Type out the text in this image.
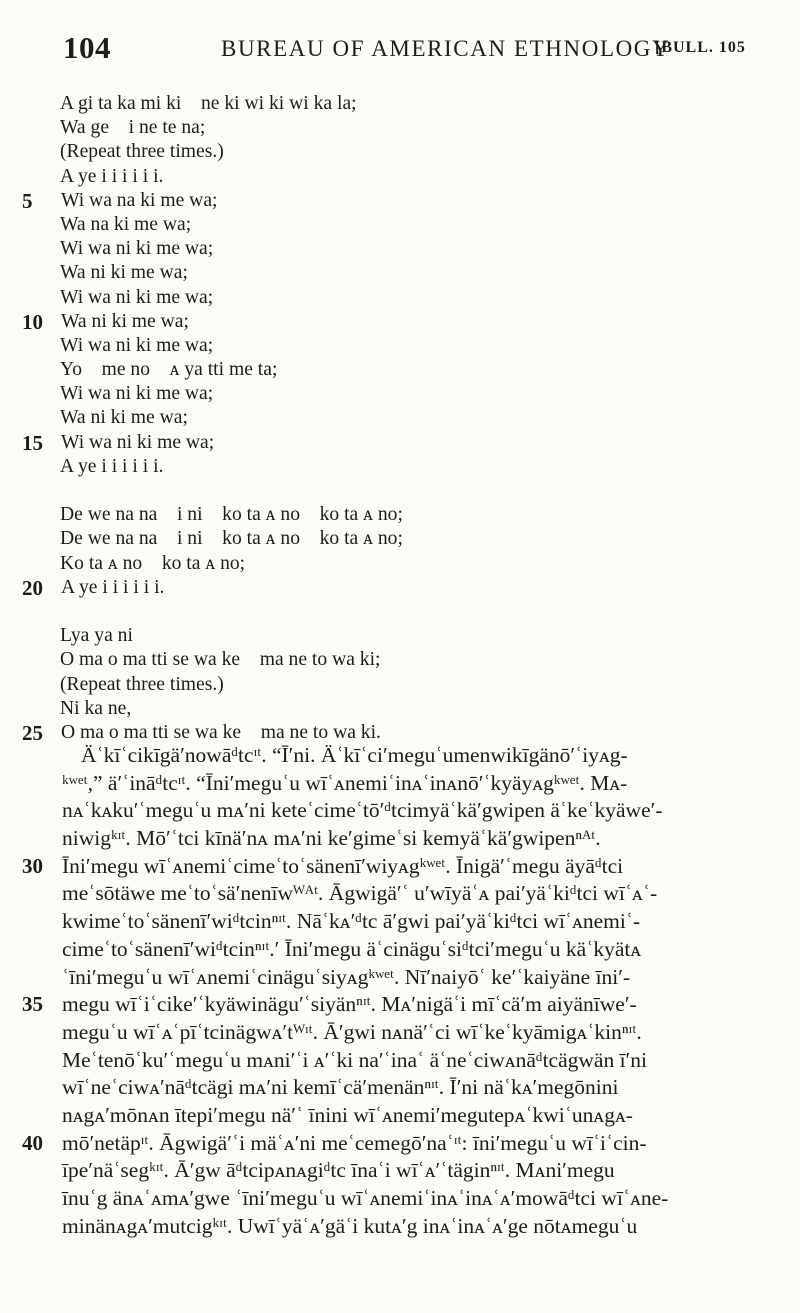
104	BUREAU OF AMERICAN ETHNOLOGY
[BULL. 105
A gi ta ka mi ki    ne ki wi ki wi ka la;
Wa ge    i ne te na;
(Repeat three times.)
A ye i i i i i i.
5 Wi wa na ki me wa;
Wa na ki me wa;
Wi wa ni ki me wa;
Wa ni ki me wa;
Wi wa ni ki me wa;
10 Wa ni ki me wa;
Wi wa ni ki me wa;
Yo    me no    ᴀ ya tti me ta;
Wi wa ni ki me wa;
Wa ni ki me wa;
15 Wi wa ni ki me wa;
A ye i i i i i i.
De we na na    i ni    ko ta ᴀ no    ko ta ᴀ no;
De we na na    i ni    ko ta ᴀ no    ko ta ᴀ no;
Ko ta ᴀ no    ko ta ᴀ no;
20 A ye i i i i i i.
Lya ya ni
O ma o ma tti se wa ke    ma ne to wa ki;
(Repeat three times.)
Ni ka ne,
25 O ma o ma tti se wa ke    ma ne to wa ki.
Äʿkīʿcikīgä′nowāᵈtcᶦᵗ. “Ī′ni. Äʿkīʿci′meguʿumenwikīgänō′ʿiyᴀg-
ᵏʷᵉᵗ,” ä′ʿināᵈtcᶦᵗ. “Īni′meguʿu wīʿᴀnemiʿinᴀʿinᴀnō′ʿkyäyᴀgᵏʷᵉᵗ. Mᴀ-
nᴀʿkᴀku′ʿmeguʿu mᴀ′ni keteʿcimeʿtō′ᵈtcimyäʿkä′gwipen äʿkeʿkyäwe′-
niwigᵏᶦᵗ. Mō′ʿtci kīnä′nᴀ mᴀ′ni ke′gimeʿsi kemyäʿkä′gwipenⁿᴬᵗ.
30 Īni′megu wīʿᴀnemiʿcimeʿtoʿsänenī′wiyᴀgᵏʷᵉᵗ. Īnigä′ʿmegu äyāᵈtci
meʿsōtäwe meʿtoʿsä′nenīwᵂᴬᵗ. Āgwigä′ʿ u′wīyäʿᴀ pai′yäʿkiᵈtci wīʿᴀʿ-
kwimeʿtoʿsänenī′wiᵈtcinⁿᶦᵗ. Nāʿkᴀ′ᵈtc ā′gwi pai′yäʿkiᵈtci wīʿᴀnemiʿ-
cimeʿtoʿsänenī′wiᵈtcinⁿᶦᵗ.′ Īni′megu äʿcinäguʿsiᵈtci′meguʿu käʿkyätᴀ
ʿīni′meguʿu wīʿᴀnemiʿcinäguʿsiyᴀgᵏʷᵉᵗ. Nī′naiyōʿ ke′ʿkaiyäne īni′-
35 megu wīʿiʿcike′ʿkyäwinägu′ʿsiyänⁿᶦᵗ. Mᴀ′nigäʿi mīʿcä′m aiyänīwe′-
meguʿu wīʿᴀʿpīʿtcinägwᴀ′tᵂᶦᵗ. Ā′gwi nᴀnä′ʿci wīʿkeʿkyāmigᴀʿkinⁿᶦᵗ.
Meʿtenōʿku′ʿmeguʿu mᴀni′ʿi ᴀ′ʿki na′ʿinaʿ äʿneʿciwᴀnāᵈtcägwän ī′ni
wīʿneʿciwᴀ′nāᵈtcägi mᴀ′ni kemīʿcä′menänⁿᶦᵗ. Ī′ni näʿkᴀ′megōnini
nᴀgᴀ′mōnᴀn ītepi′megu nä′ʿ īnini wīʿᴀnemi′megutepᴀʿkwiʿunᴀgᴀ-
40 mō′netäpᶦᵗ. Āgwigä′ʿi mäʿᴀ′ni meʿcemegō′naʿᶦᵗ: īni′meguʿu wīʿiʿcin-
īpe′näʿsegᵏᶦᵗ. Ā′gw āᵈtcipᴀnᴀgiᵈtc īnaʿi wīʿᴀ′ʿtäginⁿᶦᵗ. Mᴀni′megu
īnuʿg änᴀʿᴀmᴀ′gwe ʿīni′meguʿu wīʿᴀnemiʿinᴀʿinᴀʿᴀ′mowāᵈtci wīʿᴀne-
minänᴀgᴀ′mutcigᵏᶦᵗ. Uwīʿyäʿᴀ′gäʿi kutᴀ′g inᴀʿinᴀʿᴀ′ge nōtᴀmeguʿu
